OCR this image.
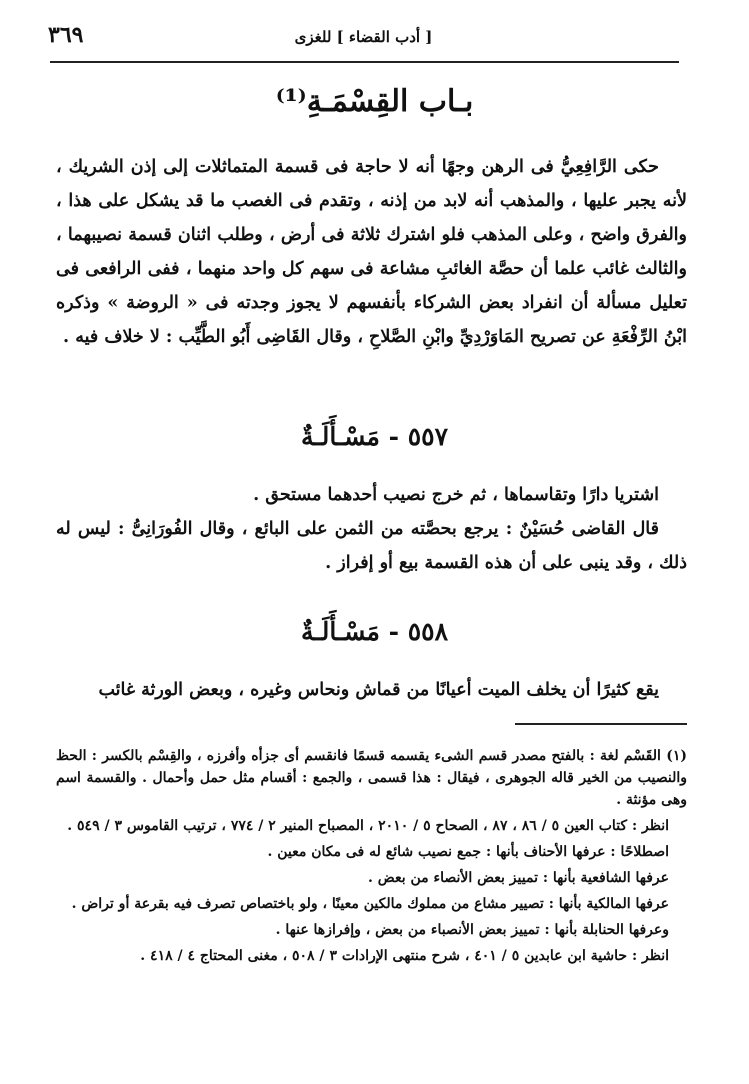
[ أدب القضاء ] للغزى
٣٦٩
بـاب القِسْمَـةِ⁽¹⁾

حكى الرَّافِعِيُّ فى الرهن وجهًا أنه لا حاجة فى قسمة المتماثلات إلى إذن الشريك ، لأنه يجبر عليها ، والمذهب أنه لابد من إذنه ، وتقدم فى الغصب ما قد يشكل على هذا ، والفرق واضح ، وعلى المذهب فلو اشترك ثلاثة فى أرض ، وطلب اثنان قسمة نصيبهما ، والثالث غائب علما أن حصَّة الغائبِ مشاعة فى سهم كل واحد منهما ، ففى الرافعى فى تعليل مسألة أن انفراد بعض الشركاء بأنفسهم لا يجوز وجدته فى « الروضة » وذكره ابْنُ الرِّفْعَةِ عن تصريح المَاوَرْدِيِّ وابْنِ الصَّلاحِ ، وقال القَاضِى أَبُو الطَّيِّب : لا خلاف فيه .

٥٥٧ - مَسْـأَلَـةٌ

اشتريا دارًا وتقاسماها ، ثم خرج نصيب أحدهما مستحق .

قال القاضى حُسَيْنٌ : يرجع بحصَّته من الثمن على البائع ، وقال الفُورَانِىُّ : ليس له ذلك ، وقد ينبى على أن هذه القسمة بيع أو إفراز .

٥٥٨ - مَسْـأَلَـةٌ

يقع كثيرًا أن يخلف الميت أعيانًا من قماش ونحاس وغيره ، وبعض الورثة غائب

(١) القَسْم لغة : بالفتح مصدر قسم الشىء يقسمه قسمًا فانقسم أى جزأه وأفرزه ، والقِسْم بالكسر : الحظ والنصيب من الخير قاله الجوهرى ، فيقال : هذا قسمى ، والجمع : أقسام مثل حمل وأحمال . والقسمة اسم وهى مؤنثة .

انظر : كتاب العين ٥ / ٨٦ ، ٨٧ ، الصحاح ٥ / ٢٠١٠ ، المصباح المنير ٢ / ٧٧٤ ، ترتيب القاموس ٣ / ٥٤٩ .

اصطلاحًا : عرفها الأحناف بأنها : جمع نصيب شائع له فى مكان معين .

عرفها الشافعية بأنها : تمييز بعض الأنصاء من بعض .

عرفها المالكية بأنها : تصيير مشاع من مملوك مالكين معينًا ، ولو باختصاص تصرف فيه بقرعة أو تراض .

وعرفها الحنابلة بأنها : تمييز بعض الأنصباء من بعض ، وإفرازها عنها .

انظر : حاشية ابن عابدين ٥ / ٤٠١ ، شرح منتهى الإرادات ٣ / ٥٠٨ ، مغنى المحتاج ٤ / ٤١٨ .
